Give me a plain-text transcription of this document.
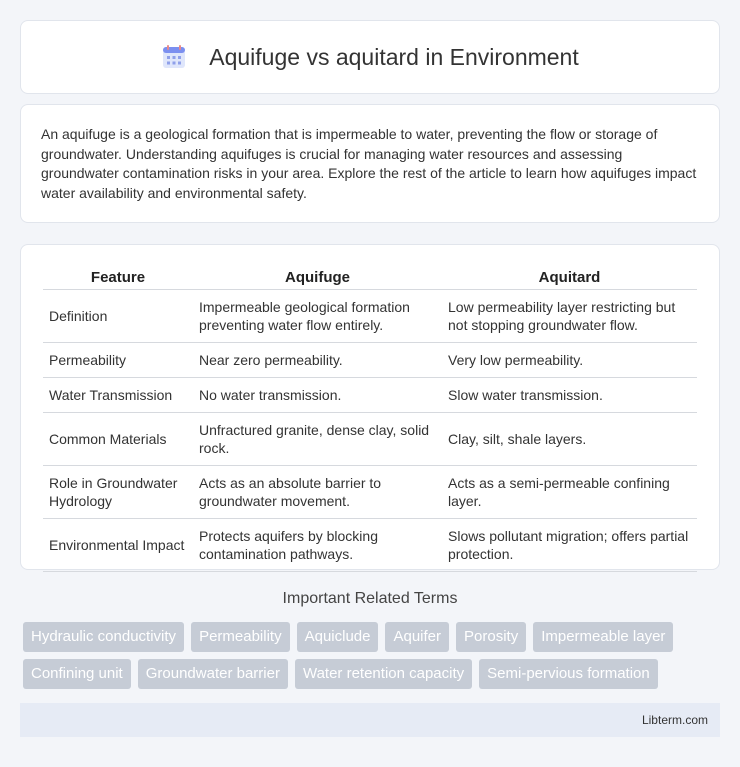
Aquifuge vs aquitard in Environment

An aquifuge is a geological formation that is impermeable to water, preventing the flow or storage of groundwater. Understanding aquifuges is crucial for managing water resources and assessing groundwater contamination risks in your area. Explore the rest of the article to learn how aquifuges impact water availability and environmental safety.

Feature	Aquifuge	Aquitard
Definition	Impermeable geological formation preventing water flow entirely.	Low permeability layer restricting but not stopping groundwater flow.
Permeability	Near zero permeability.	Very low permeability.
Water Transmission	No water transmission.	Slow water transmission.
Common Materials	Unfractured granite, dense clay, solid rock.	Clay, silt, shale layers.
Role in Groundwater Hydrology	Acts as an absolute barrier to groundwater movement.	Acts as a semi-permeable confining layer.
Environmental Impact	Protects aquifers by blocking contamination pathways.	Slows pollutant migration; offers partial protection.
Important Related Terms
Hydraulic conductivity	Permeability	Aquiclude	Aquifer	Porosity	Impermeable layer
Confining unit	Groundwater barrier	Water retention capacity	Semi-pervious formation
Libterm.com
